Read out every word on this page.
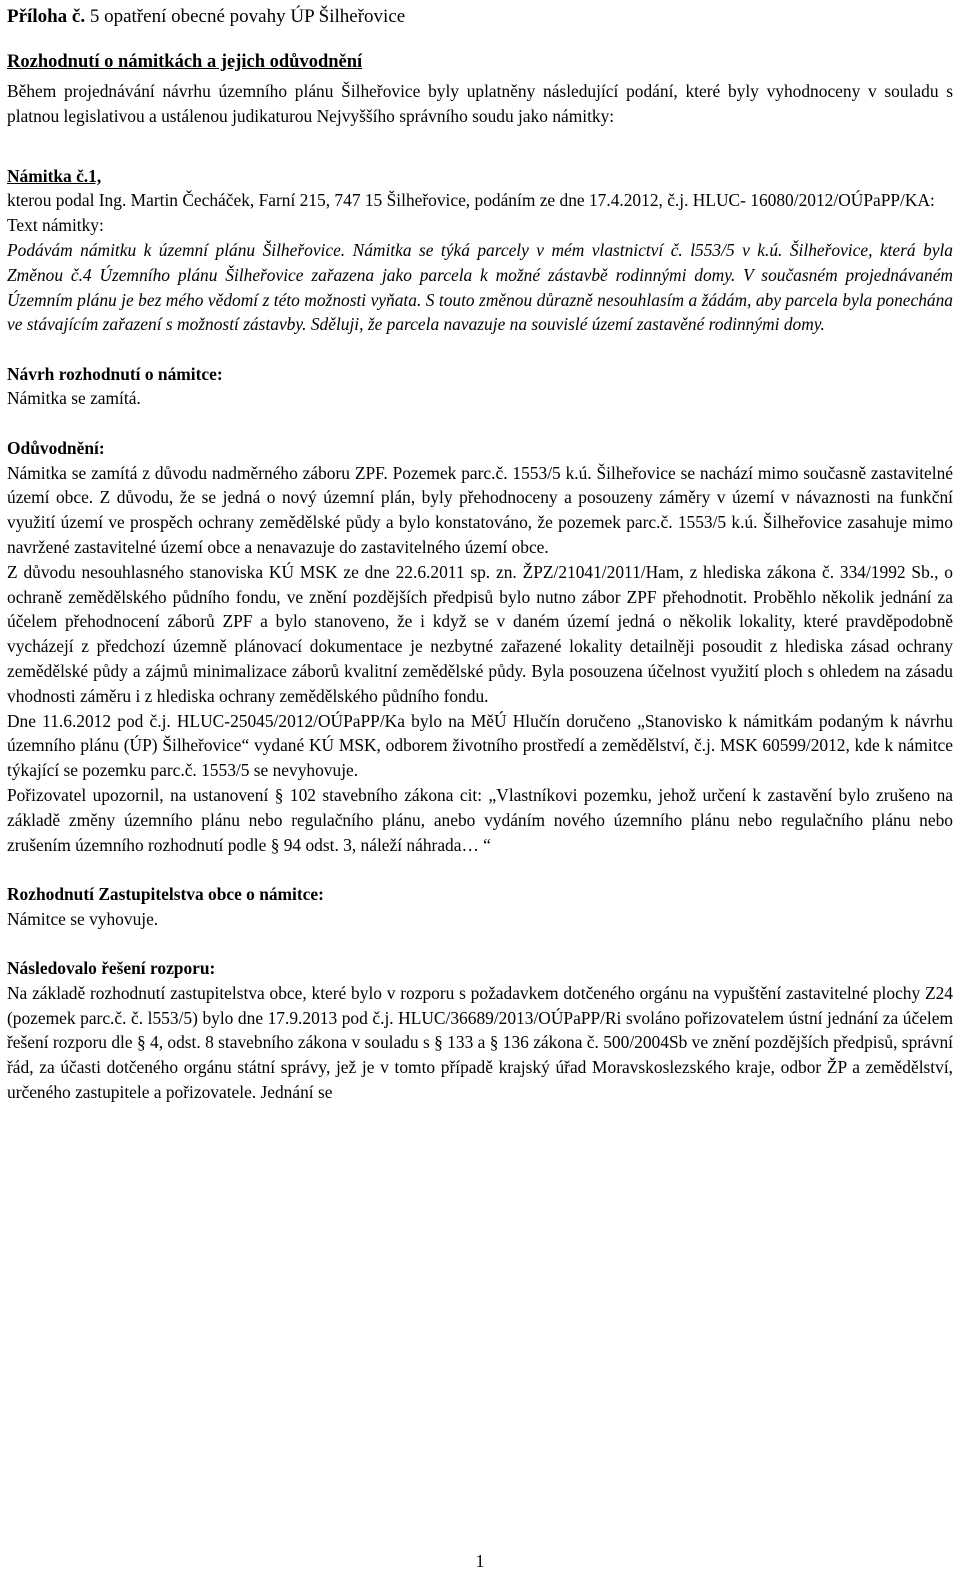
Příloha č. 5 opatření obecné povahy ÚP Šilheřovice

Rozhodnutí o námitkách a jejich odůvodnění

Během projednávání návrhu územního plánu Šilheřovice byly uplatněny následující podání, které byly vyhodnoceny v souladu s platnou legislativou a ustálenou judikaturou Nejvyššího správního soudu jako námitky:

Námitka č.1,

kterou podal Ing. Martin Čecháček, Farní 215, 747 15 Šilheřovice, podáním ze dne 17.4.2012, č.j. HLUC- 16080/2012/OÚPaPP/KA:

Text námitky:

Podávám námitku k územní plánu Šilheřovice. Námitka se týká parcely v mém vlastnictví č. l553/5 v k.ú. Šilheřovice, která byla Změnou č.4 Územního plánu Šilheřovice zařazena jako parcela k možné zástavbě rodinnými domy. V současném projednávaném Územním plánu je bez mého vědomí z této možnosti vyňata. S touto změnou důrazně nesouhlasím a žádám, aby parcela byla ponechána ve stávajícím zařazení s možností zástavby. Sděluji, že parcela navazuje na souvislé území zastavěné rodinnými domy.

Návrh rozhodnutí o námitce:

Námitka se zamítá.

Odůvodnění:

Námitka se zamítá z důvodu nadměrného záboru ZPF. Pozemek parc.č. 1553/5 k.ú. Šilheřovice se nachází mimo současně zastavitelné území obce. Z důvodu, že se jedná o nový územní plán, byly přehodnoceny a posouzeny záměry v území v návaznosti na funkční využití území ve prospěch ochrany zemědělské půdy a bylo konstatováno, že pozemek parc.č. 1553/5 k.ú. Šilheřovice zasahuje mimo navržené zastavitelné území obce a nenavazuje do zastavitelného území obce.

Z důvodu nesouhlasného stanoviska KÚ MSK ze dne 22.6.2011 sp. zn. ŽPZ/21041/2011/Ham, z hlediska zákona č. 334/1992 Sb., o ochraně zemědělského půdního fondu, ve znění pozdějších předpisů bylo nutno zábor ZPF přehodnotit. Proběhlo několik jednání za účelem přehodnocení záborů ZPF a bylo stanoveno, že i když se v daném území jedná o několik lokality, které pravděpodobně vycházejí z předchozí územně plánovací dokumentace je nezbytné zařazené lokality detailněji posoudit z hlediska zásad ochrany zemědělské půdy a zájmů minimalizace záborů kvalitní zemědělské půdy. Byla posouzena účelnost využití ploch s ohledem na zásadu vhodnosti záměru i z hlediska ochrany zemědělského půdního fondu.

Dne 11.6.2012 pod č.j. HLUC-25045/2012/OÚPaPP/Ka bylo na MěÚ Hlučín doručeno „Stanovisko k námitkám podaným k návrhu územního plánu (ÚP) Šilheřovice“ vydané KÚ MSK, odborem životního prostředí a zemědělství, č.j. MSK 60599/2012, kde k námitce týkající se pozemku parc.č. 1553/5 se nevyhovuje.

Pořizovatel upozornil, na ustanovení § 102 stavebního zákona cit: „Vlastníkovi pozemku, jehož určení k zastavění bylo zrušeno na základě změny územního plánu nebo regulačního plánu, anebo vydáním nového územního plánu nebo regulačního plánu nebo zrušením územního rozhodnutí podle § 94 odst. 3, náleží náhrada… “

Rozhodnutí Zastupitelstva obce o námitce:

Námitce se vyhovuje.

Následovalo řešení rozporu:

Na základě rozhodnutí zastupitelstva obce, které bylo v rozporu s požadavkem dotčeného orgánu na vypuštění zastavitelné plochy Z24 (pozemek parc.č. č. l553/5) bylo dne 17.9.2013 pod č.j. HLUC/36689/2013/OÚPaPP/Ri svoláno pořizovatelem ústní jednání za účelem řešení rozporu dle § 4, odst. 8 stavebního zákona v souladu s § 133 a § 136 zákona č. 500/2004Sb ve znění pozdějších předpisů, správní řád, za účasti dotčeného orgánu státní správy, jež je v tomto případě krajský úřad Moravskoslezského kraje, odbor ŽP a zemědělství, určeného zastupitele a pořizovatele. Jednání se

1
